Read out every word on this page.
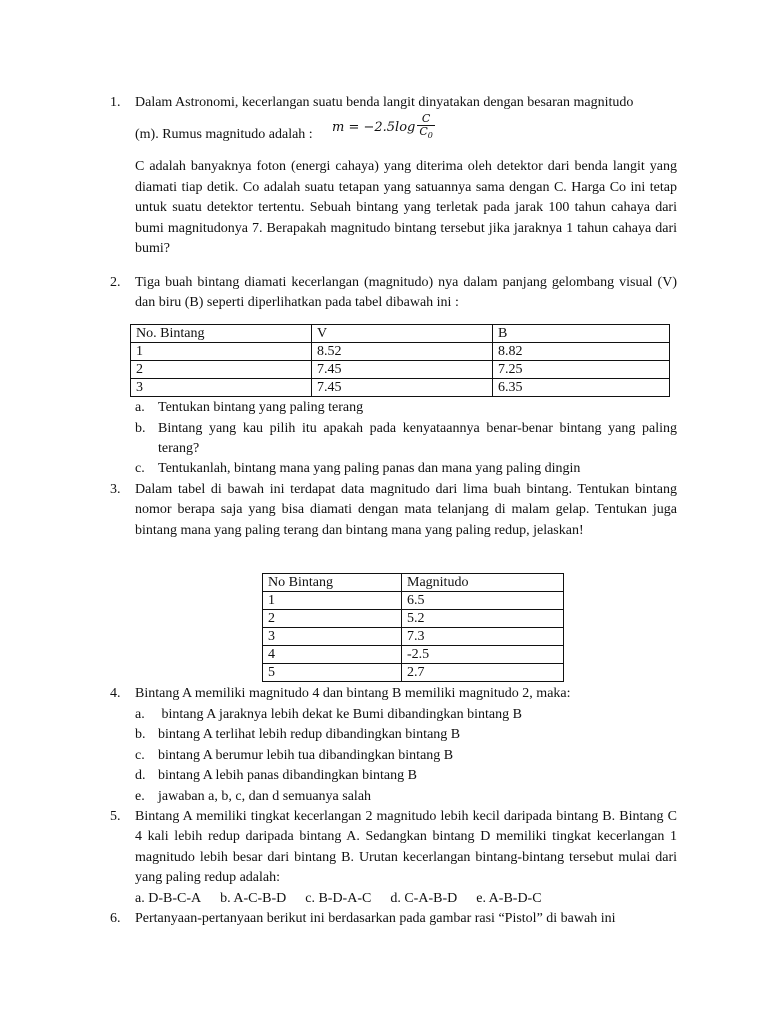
1.	Dalam Astronomi, kecerlangan suatu benda langit dinyatakan dengan besaran magnitudo

(m). Rumus magnitudo adalah :
$m = -2.5\log \frac{C}{C_0}$

C adalah banyaknya foton (energi cahaya) yang diterima oleh detektor dari benda langit yang diamati tiap detik. Co adalah suatu tetapan yang satuannya sama dengan C. Harga Co ini tetap untuk suatu detektor tertentu. Sebuah bintang yang terletak pada jarak 100 tahun cahaya dari bumi magnitudonya 7. Berapakah magnitudo bintang tersebut jika jaraknya 1 tahun cahaya dari bumi?

2.	Tiga buah bintang diamati kecerlangan (magnitudo) nya dalam panjang gelombang visual (V) dan biru (B) seperti diperlihatkan pada tabel dibawah ini :

No. Bintang	V	B
1	8.52	8.82
2	7.45	7.25
3	7.45	6.35
a. Tentukan bintang yang paling terang
b. Bintang yang kau pilih itu apakah pada kenyataannya benar-benar bintang yang paling terang?
c. Tentukanlah, bintang mana yang paling panas dan mana yang paling dingin
3.	Dalam tabel di bawah ini terdapat data magnitudo dari lima buah bintang. Tentukan bintang nomor berapa saja yang bisa diamati dengan mata telanjang di malam gelap. Tentukan juga bintang mana yang paling terang dan bintang mana yang paling redup, jelaskan!

No Bintang	Magnitudo
1	6.5
2	5.2
3	7.3
4	-2.5
5	2.7
4.	Bintang A memiliki magnitudo 4 dan bintang B memiliki magnitudo 2, maka:

a. bintang A jaraknya lebih dekat ke Bumi dibandingkan bintang B
b. bintang A terlihat lebih redup dibandingkan bintang B
c. bintang A berumur lebih tua dibandingkan bintang B
d. bintang A lebih panas dibandingkan bintang B
e. jawaban a, b, c, dan d semuanya salah
5.	Bintang A memiliki tingkat kecerlangan 2 magnitudo lebih kecil daripada bintang B. Bintang C 4 kali lebih redup daripada bintang A. Sedangkan bintang D memiliki tingkat kecerlangan 1 magnitudo lebih besar dari bintang B. Urutan kecerlangan bintang-bintang tersebut mulai dari yang paling redup adalah:

a. D-B-C-A b. A-C-B-D c. B-D-A-C d. C-A-B-D e. A-B-D-C
6.	Pertanyaan-pertanyaan berikut ini berdasarkan pada gambar rasi “Pistol” di bawah ini
